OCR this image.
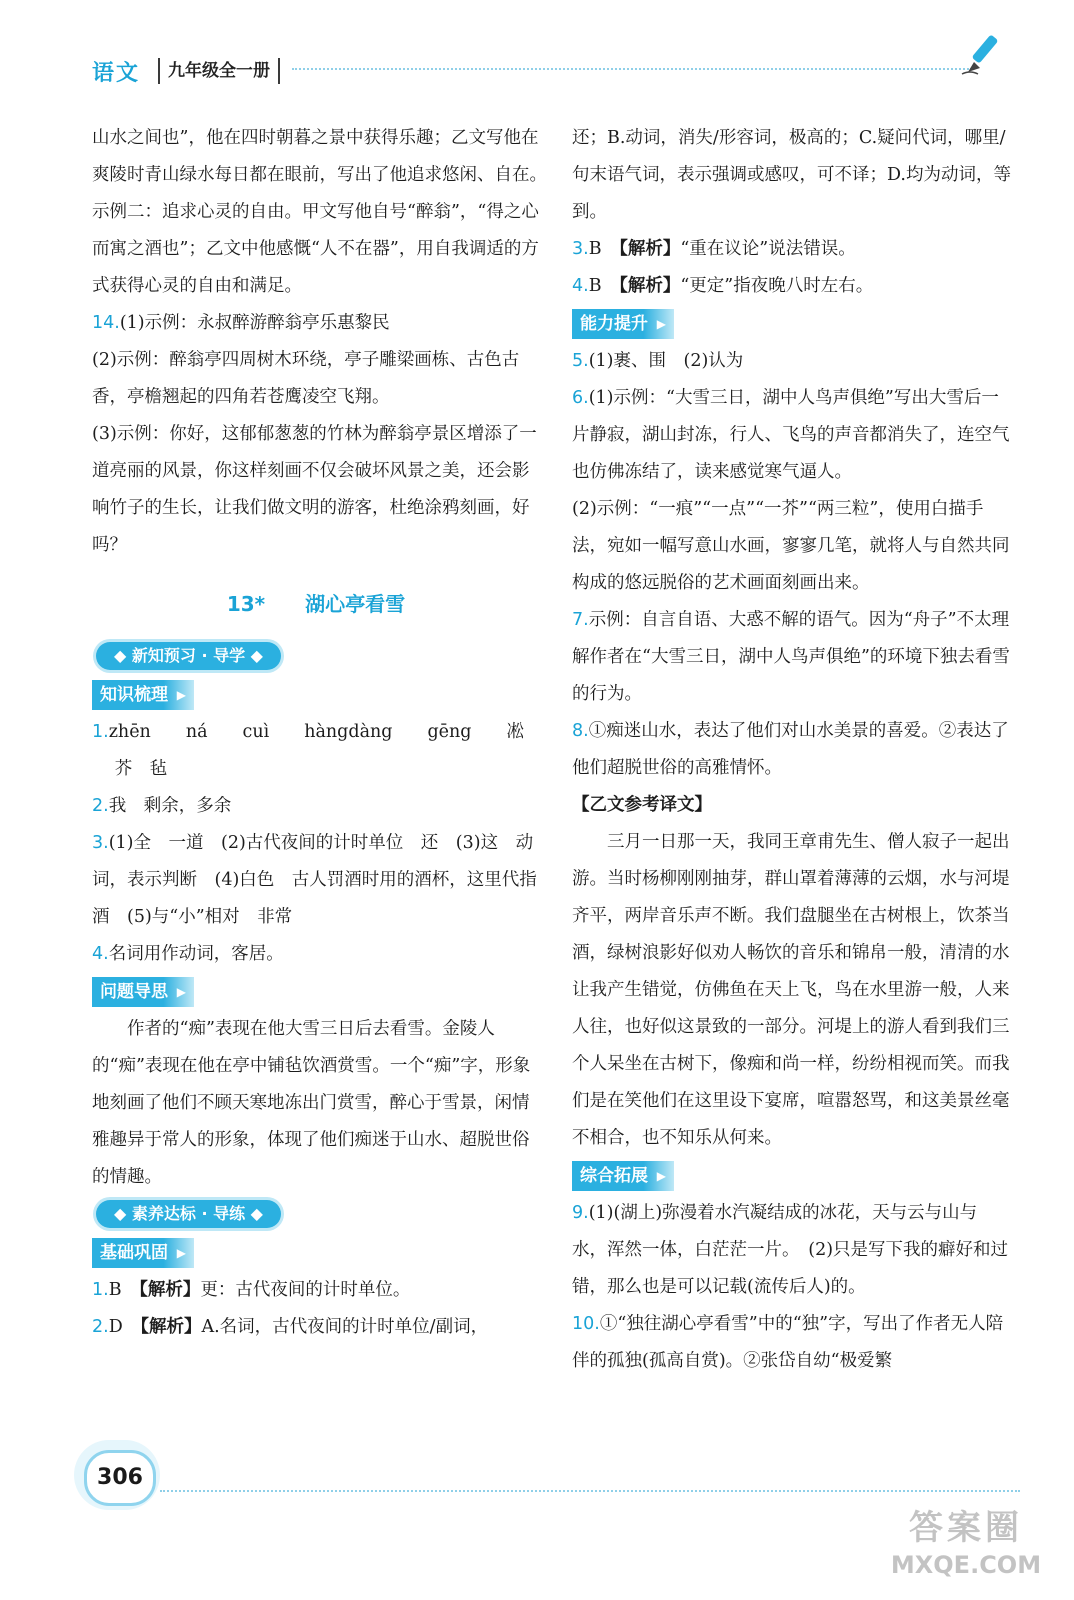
语文	九年级全一册

山水之间也”，他在四时朝暮之景中获得乐趣；乙文写他在爽陵时青山绿水每日都在眼前，写出了他追求悠闲、自在。　示例二：追求心灵的自由。甲文写他自号“醉翁”，“得之心而寓之酒也”；乙文中他感慨“人不在器”，用自我调适的方式获得心灵的自由和满足。

14.(1)示例：永叔醉游醉翁亭乐惠黎民

(2)示例：醉翁亭四周树木环绕，亭子雕梁画栋、古色古香，亭檐翘起的四角若苍鹰凌空飞翔。

(3)示例：你好，这郁郁葱葱的竹林为醉翁亭景区增添了一道亮丽的风景，你这样刻画不仅会破坏风景之美，还会影响竹子的生长，让我们做文明的游客，杜绝涂鸦刻画，好吗？

13*　　湖心亭看雪
◆ 新知预习 · 导学 ◆
知识梳理 ▶

1.zhēn　　ná　　cuì　　hàngdàng　　gēng　　凇　　芥　毡

2.我　剩余，多余

3.(1)全　一道　(2)古代夜间的计时单位　还　(3)这　动词，表示判断　(4)白色　古人罚酒时用的酒杯，这里代指酒　(5)与“小”相对　非常

4.名词用作动词，客居。

问题导思 ▶

作者的“痴”表现在他大雪三日后去看雪。金陵人的“痴”表现在他在亭中铺毡饮酒赏雪。一个“痴”字，形象地刻画了他们不顾天寒地冻出门赏雪，醉心于雪景，闲情雅趣异于常人的形象，体现了他们痴迷于山水、超脱世俗的情趣。

◆ 素养达标 · 导练 ◆
基础巩固 ▶

1.B　【解析】更：古代夜间的计时单位。

2.D　【解析】A.名词，古代夜间的计时单位/副词，

还；B.动词，消失/形容词，极高的；C.疑问代词，哪里/句末语气词，表示强调或感叹，可不译；D.均为动词，等到。

3.B　【解析】“重在议论”说法错误。

4.B　【解析】“更定”指夜晚八时左右。

能力提升 ▶

5.(1)裹、围　(2)认为

6.(1)示例：“大雪三日，湖中人鸟声俱绝”写出大雪后一片静寂，湖山封冻，行人、飞鸟的声音都消失了，连空气也仿佛冻结了，读来感觉寒气逼人。

(2)示例：“一痕”“一点”“一芥”“两三粒”，使用白描手法，宛如一幅写意山水画，寥寥几笔，就将人与自然共同构成的悠远脱俗的艺术画面刻画出来。

7.示例：自言自语、大惑不解的语气。因为“舟子”不太理解作者在“大雪三日，湖中人鸟声俱绝”的环境下独去看雪的行为。

8.①痴迷山水，表达了他们对山水美景的喜爱。②表达了他们超脱世俗的高雅情怀。

【乙文参考译文】

三月一日那一天，我同王章甫先生、僧人寂子一起出游。当时杨柳刚刚抽芽，群山罩着薄薄的云烟，水与河堤齐平，两岸音乐声不断。我们盘腿坐在古树根上，饮茶当酒，绿树浪影好似劝人畅饮的音乐和锦帛一般，清清的水让我产生错觉，仿佛鱼在天上飞，鸟在水里游一般，人来人往，也好似这景致的一部分。河堤上的游人看到我们三个人呆坐在古树下，像痴和尚一样，纷纷相视而笑。而我们是在笑他们在这里设下宴席，喧嚣怒骂，和这美景丝毫不相合，也不知乐从何来。

综合拓展 ▶

9.(1)(湖上)弥漫着水汽凝结成的冰花，天与云与山与水，浑然一体，白茫茫一片。　(2)只是写下我的癖好和过错，那么也是可以记载(流传后人)的。

10.①“独往湖心亭看雪”中的“独”字，写出了作者无人陪伴的孤独(孤高自赏)。②张岱自幼“极爱繁

306
答案圈
MXQE.COM
